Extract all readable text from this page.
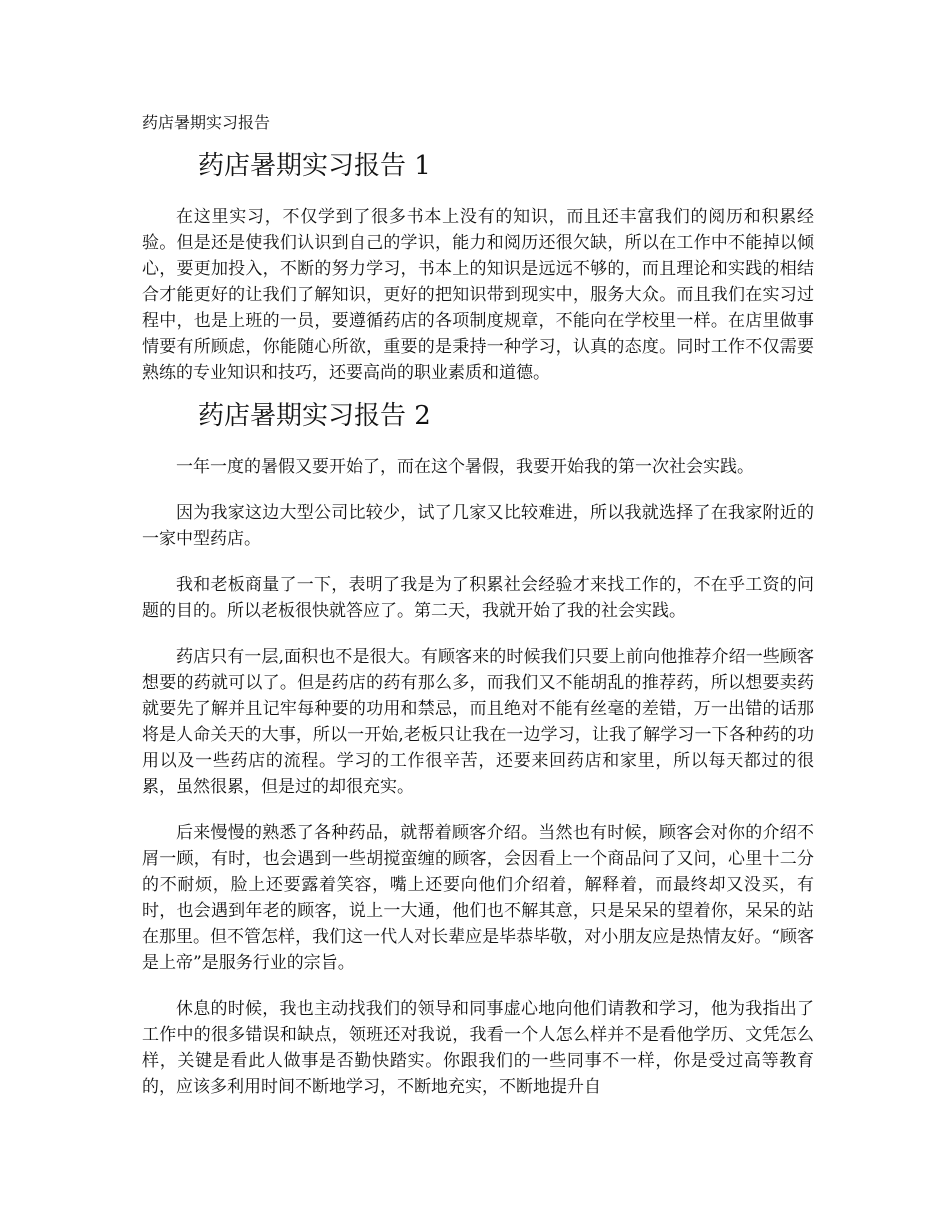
药店暑期实习报告
药店暑期实习报告 1

在这里实习，不仅学到了很多书本上没有的知识，而且还丰富我们的阅历和积累经验。但是还是使我们认识到自己的学识，能力和阅历还很欠缺，所以在工作中不能掉以倾心，要更加投入，不断的努力学习，书本上的知识是远远不够的，而且理论和实践的相结合才能更好的让我们了解知识，更好的把知识带到现实中，服务大众。而且我们在实习过程中，也是上班的一员，要遵循药店的各项制度规章，不能向在学校里一样。在店里做事情要有所顾虑，你能随心所欲，重要的是秉持一种学习，认真的态度。同时工作不仅需要熟练的专业知识和技巧，还要高尚的职业素质和道德。

药店暑期实习报告 2

一年一度的暑假又要开始了，而在这个暑假，我要开始我的第一次社会实践。

因为我家这边大型公司比较少，试了几家又比较难进，所以我就选择了在我家附近的一家中型药店。

我和老板商量了一下，表明了我是为了积累社会经验才来找工作的，不在乎工资的问题的目的。所以老板很快就答应了。第二天，我就开始了我的社会实践。

药店只有一层,面积也不是很大。有顾客来的时候我们只要上前向他推荐介绍一些顾客想要的药就可以了。但是药店的药有那么多，而我们又不能胡乱的推荐药，所以想要卖药就要先了解并且记牢每种要的功用和禁忌，而且绝对不能有丝毫的差错，万一出错的话那将是人命关天的大事，所以一开始,老板只让我在一边学习，让我了解学习一下各种药的功用以及一些药店的流程。学习的工作很辛苦，还要来回药店和家里，所以每天都过的很累，虽然很累，但是过的却很充实。

后来慢慢的熟悉了各种药品，就帮着顾客介绍。当然也有时候，顾客会对你的介绍不屑一顾，有时，也会遇到一些胡搅蛮缠的顾客，会因看上一个商品问了又问，心里十二分的不耐烦，脸上还要露着笑容，嘴上还要向他们介绍着，解释着，而最终却又没买，有时，也会遇到年老的顾客，说上一大通，他们也不解其意，只是呆呆的望着你，呆呆的站在那里。但不管怎样，我们这一代人对长辈应是毕恭毕敬，对小朋友应是热情友好。“顾客是上帝”是服务行业的宗旨。

休息的时候，我也主动找我们的领导和同事虚心地向他们请教和学习，他为我指出了工作中的很多错误和缺点，领班还对我说，我看一个人怎么样并不是看他学历、文凭怎么样，关键是看此人做事是否勤快踏实。你跟我们的一些同事不一样，你是受过高等教育的，应该多利用时间不断地学习，不断地充实，不断地提升自
